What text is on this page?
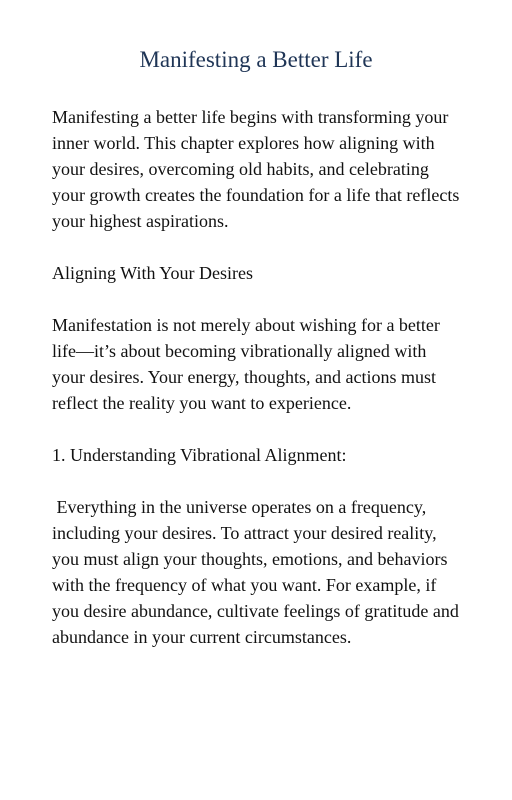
Manifesting a Better Life

Manifesting a better life begins with transforming your inner world. This chapter explores how aligning with your desires, overcoming old habits, and celebrating your growth creates the foundation for a life that reflects your highest aspirations.

Aligning With Your Desires

Manifestation is not merely about wishing for a better life—it’s about becoming vibrationally aligned with your desires. Your energy, thoughts, and actions must reflect the reality you want to experience.

1. Understanding Vibrational Alignment:

Everything in the universe operates on a frequency, including your desires. To attract your desired reality, you must align your thoughts, emotions, and behaviors with the frequency of what you want. For example, if you desire abundance, cultivate feelings of gratitude and abundance in your current circumstances.
